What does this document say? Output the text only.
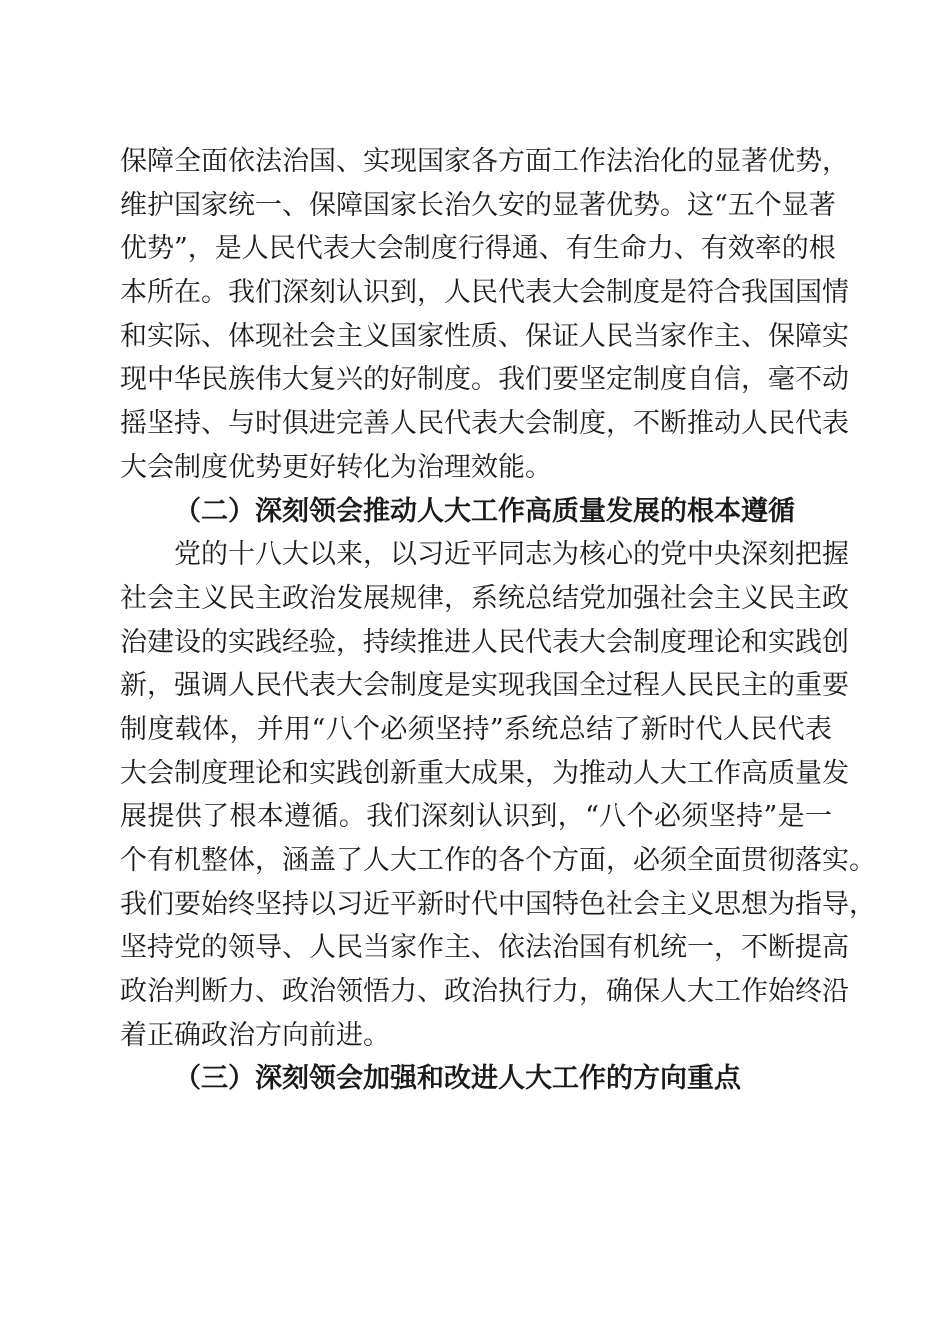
保障全面依法治国、实现国家各方面工作法治化的显著优势，
维护国家统一、保障国家长治久安的显著优势。这“五个显著
优势”，是人民代表大会制度行得通、有生命力、有效率的根
本所在。我们深刻认识到，人民代表大会制度是符合我国国情
和实际、体现社会主义国家性质、保证人民当家作主、保障实
现中华民族伟大复兴的好制度。我们要坚定制度自信，毫不动
摇坚持、与时俱进完善人民代表大会制度，不断推动人民代表
大会制度优势更好转化为治理效能。
（二）深刻领会推动人大工作高质量发展的根本遵循
党的十八大以来，以习近平同志为核心的党中央深刻把握
社会主义民主政治发展规律，系统总结党加强社会主义民主政
治建设的实践经验，持续推进人民代表大会制度理论和实践创
新，强调人民代表大会制度是实现我国全过程人民民主的重要
制度载体，并用“八个必须坚持”系统总结了新时代人民代表
大会制度理论和实践创新重大成果，为推动人大工作高质量发
展提供了根本遵循。我们深刻认识到，“八个必须坚持”是一
个有机整体，涵盖了人大工作的各个方面，必须全面贯彻落实。
我们要始终坚持以习近平新时代中国特色社会主义思想为指导，
坚持党的领导、人民当家作主、依法治国有机统一，不断提高
政治判断力、政治领悟力、政治执行力，确保人大工作始终沿
着正确政治方向前进。
（三）深刻领会加强和改进人大工作的方向重点
